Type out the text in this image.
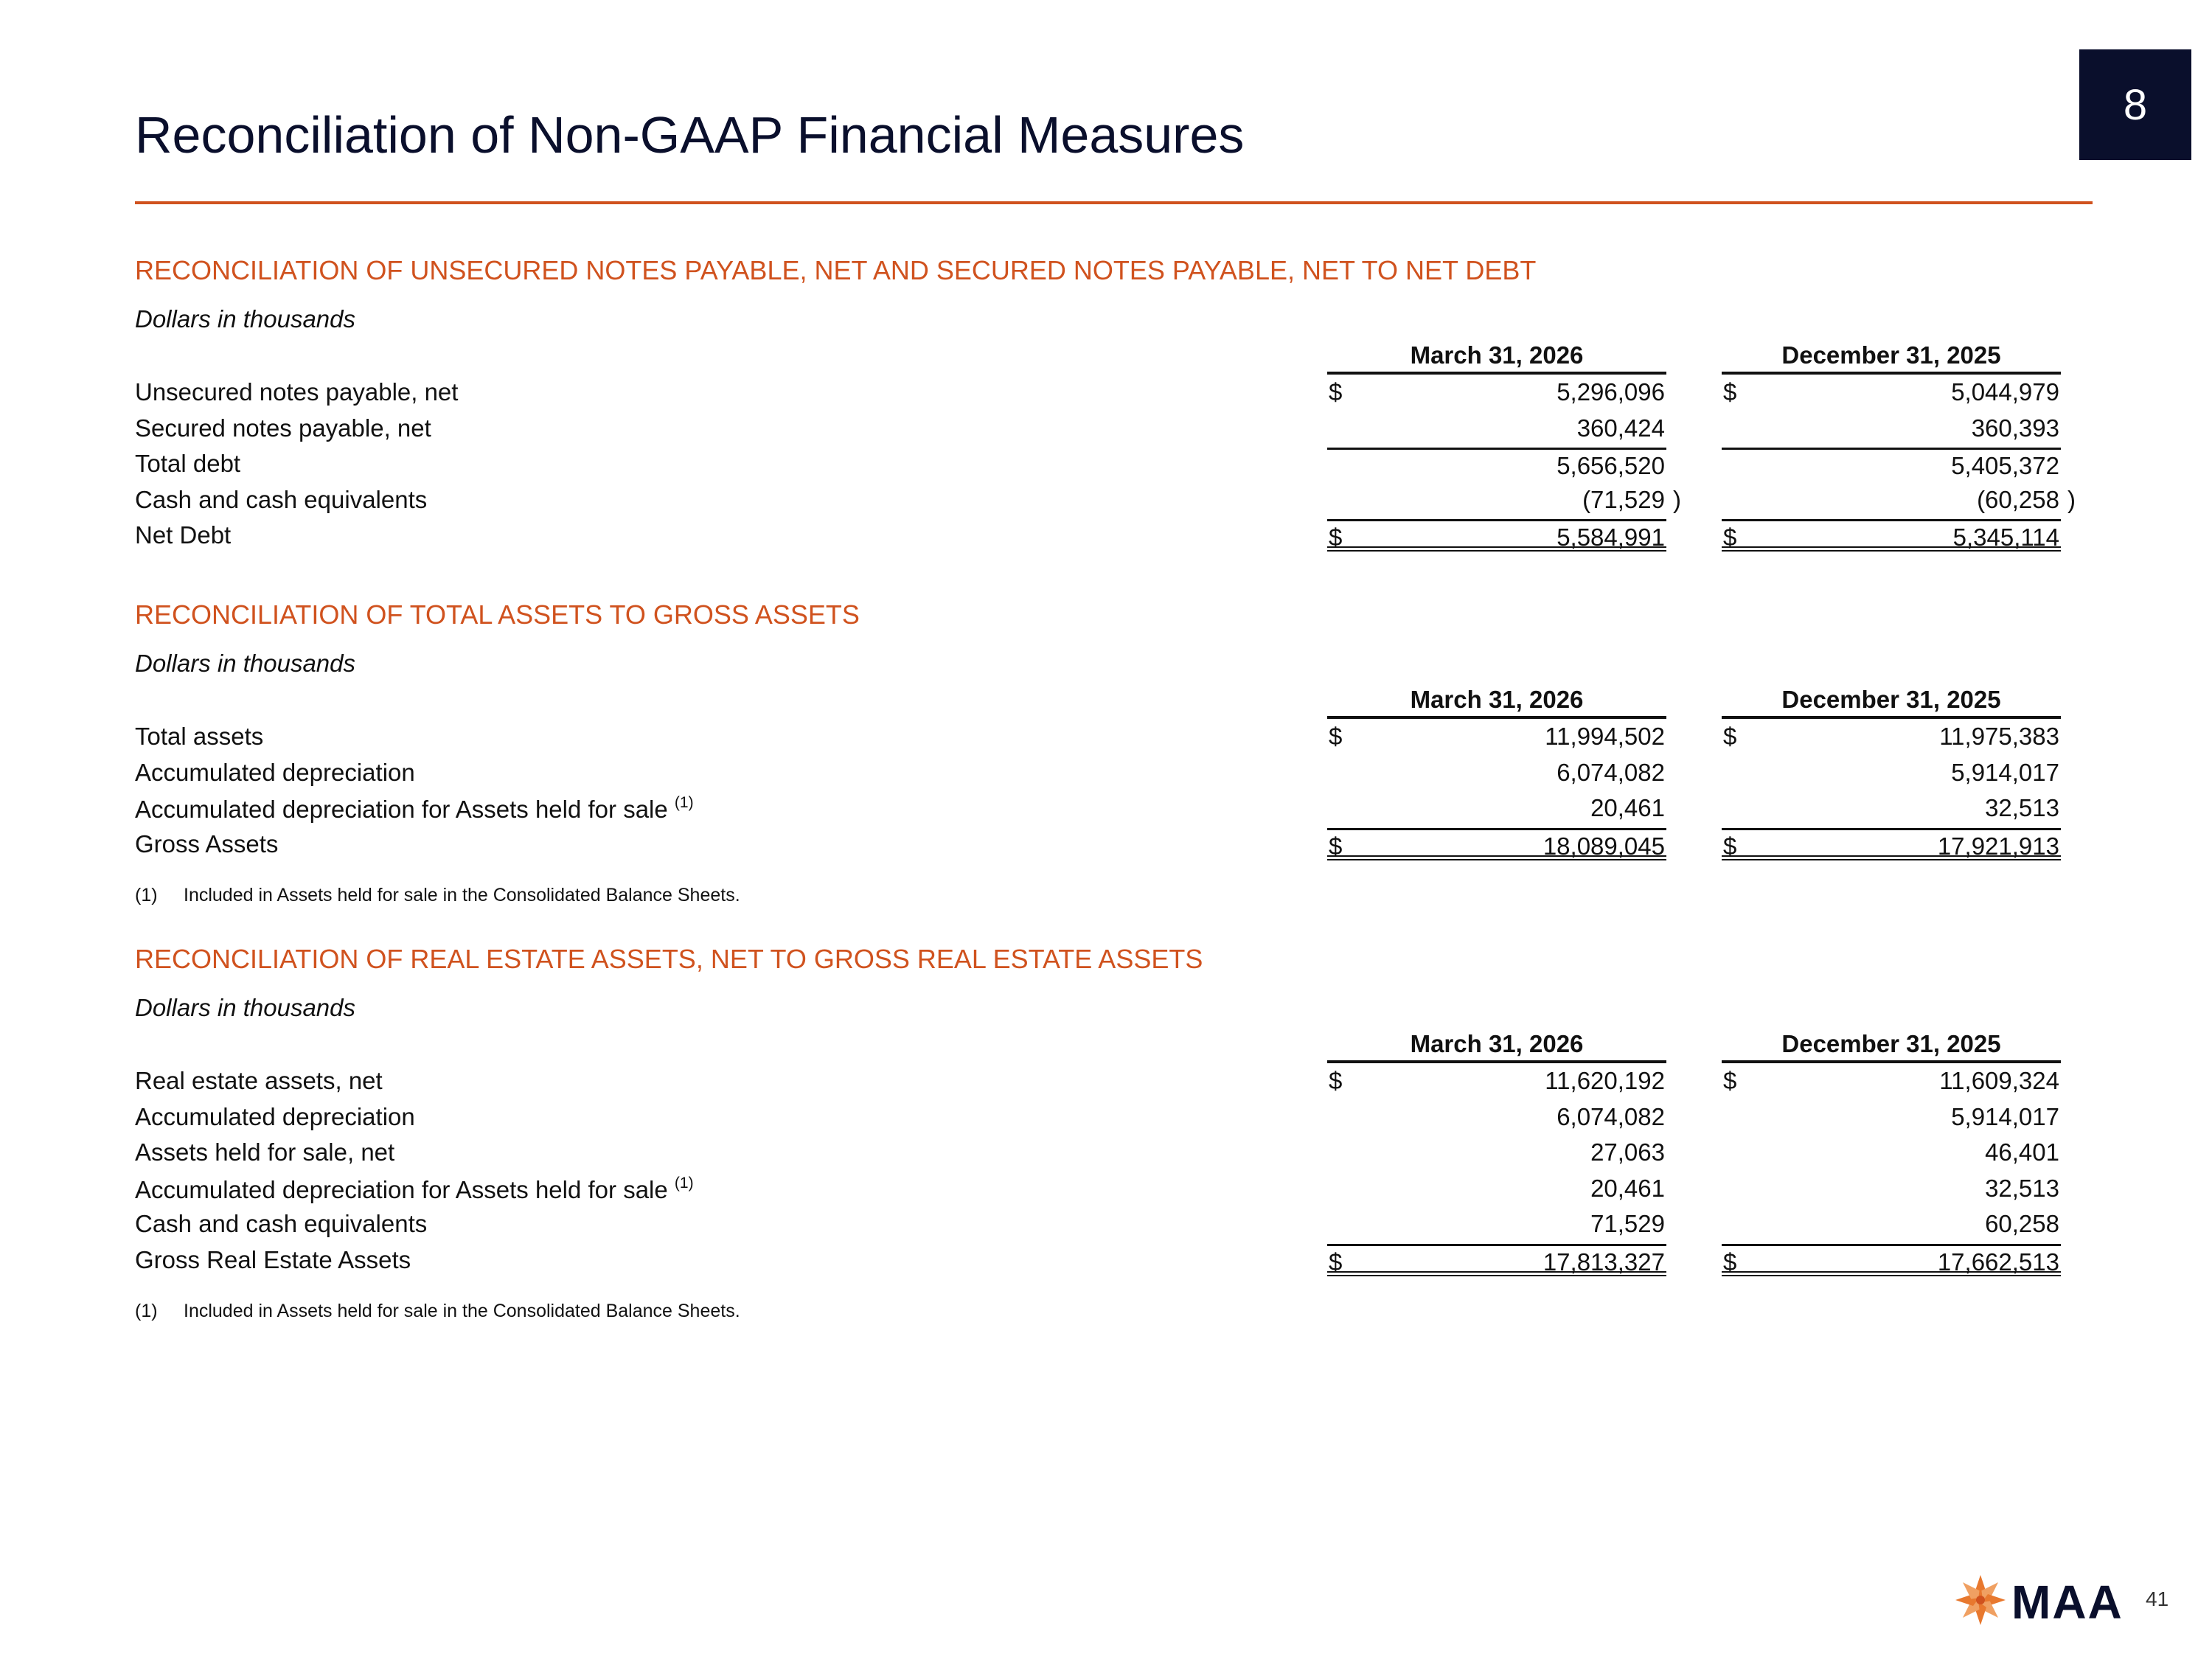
8
Reconciliation of Non-GAAP Financial Measures
RECONCILIATION OF UNSECURED NOTES PAYABLE, NET AND SECURED NOTES PAYABLE, NET TO NET DEBT
Dollars in thousands
March 31, 2026	December 31, 2025
Unsecured notes payable, net	$	5,296,096 $	5,044,979
Secured notes payable, net	360,424	360,393
Total debt	5,656,520	5,405,372
Cash and cash equivalents	(71,529 )	(60,258 )
Net Debt	$	5,584,991 $	5,345,114
RECONCILIATION OF TOTAL ASSETS TO GROSS ASSETS
Dollars in thousands
March 31, 2026	December 31, 2025
Total assets	$	11,994,502 $	11,975,383
Accumulated depreciation	6,074,082	5,914,017
Accumulated depreciation for Assets held for sale $^{(1)}$	20,461	32,513
Gross Assets	$	18,089,045 $	17,921,913
(1) Included in Assets held for sale in the Consolidated Balance Sheets.
RECONCILIATION OF REAL ESTATE ASSETS, NET TO GROSS REAL ESTATE ASSETS
Dollars in thousands
March 31, 2026	December 31, 2025
Real estate assets, net	$	11,620,192 $	11,609,324
Accumulated depreciation	6,074,082	5,914,017
Assets held for sale, net	27,063	46,401
Accumulated depreciation for Assets held for sale $^{(1)}$	20,461	32,513
Cash and cash equivalents	71,529	60,258
Gross Real Estate Assets	$	17,813,327 $	17,662,513
(1) Included in Assets held for sale in the Consolidated Balance Sheets.
MAA 41
